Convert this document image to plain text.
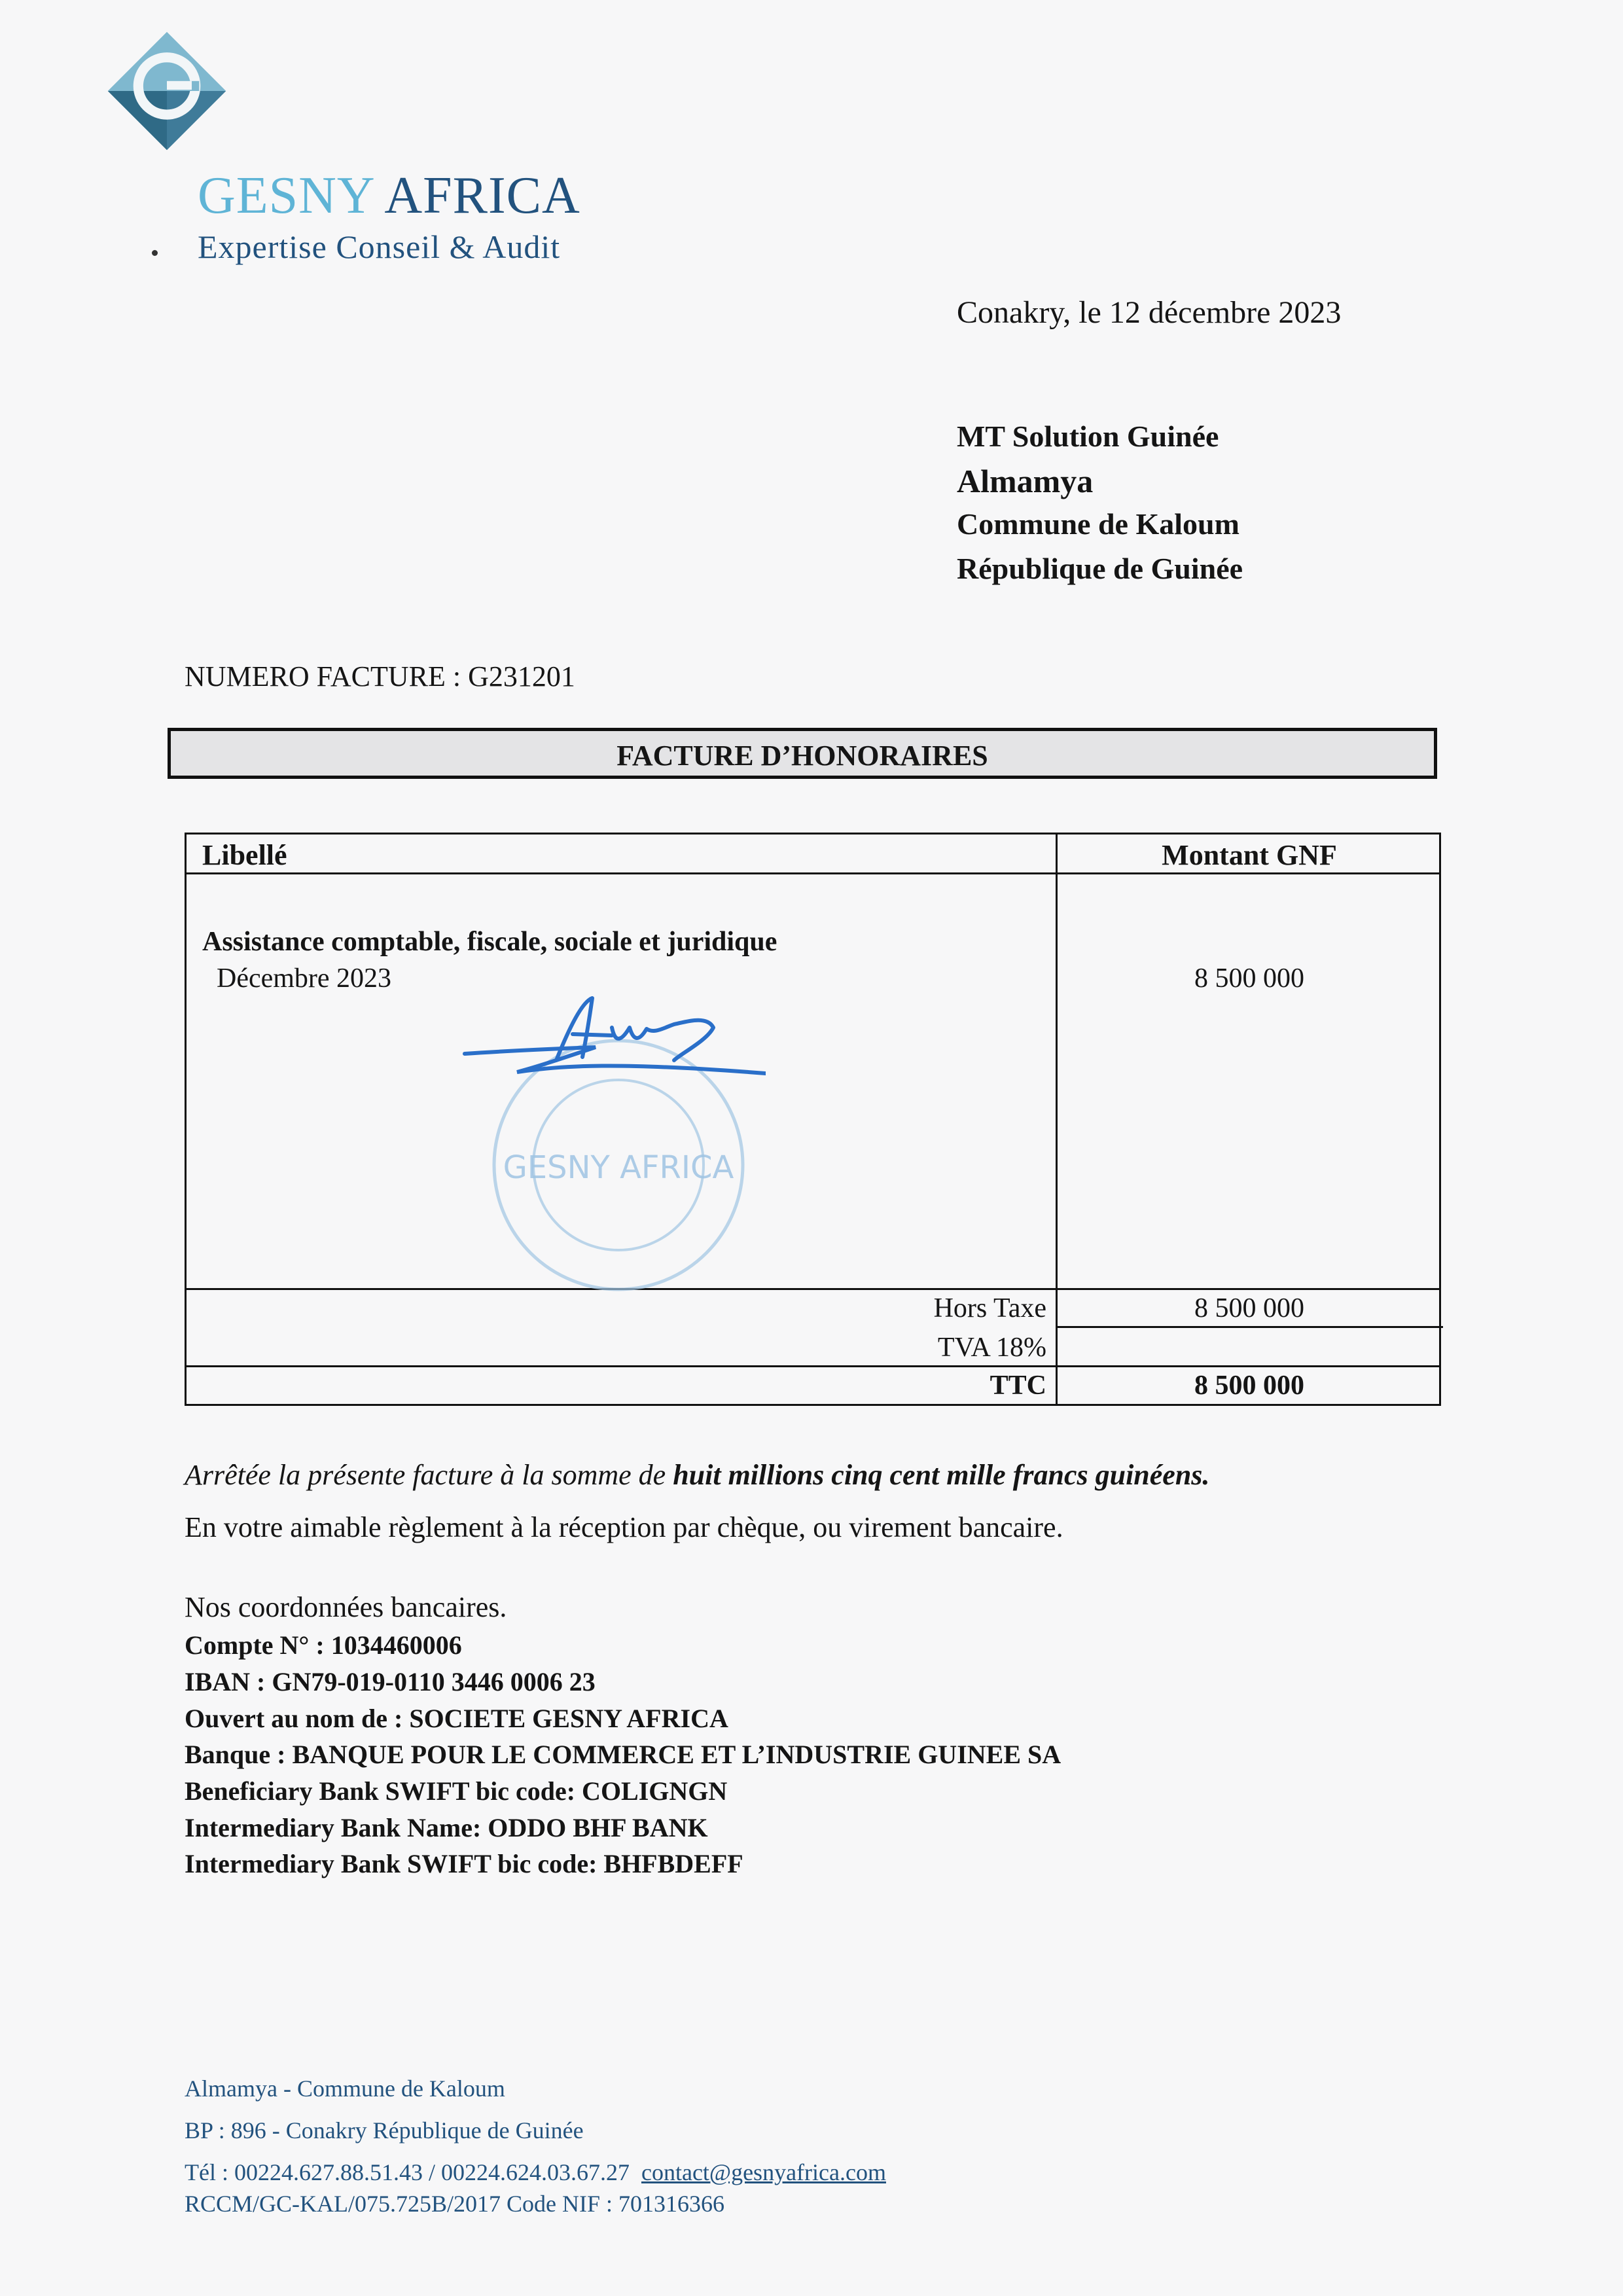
GESNY AFRICA
Expertise Conseil & Audit
Conakry, le 12 décembre 2023
MT Solution Guinée
Almamya
Commune de Kaloum
République de Guinée
NUMERO FACTURE : G231201
FACTURE D’HONORAIRES
Libellé	Montant GNF
Assistance comptable, fiscale, sociale et juridique
Décembre 2023	8 500 000
Hors Taxe	8 500 000
TVA 18%
TTC	8 500 000
GESNY AFRICA
Arrêtée la présente facture à la somme de huit millions cinq cent mille francs guinéens.
En votre aimable règlement à la réception par chèque, ou virement bancaire.
Nos coordonnées bancaires.
Compte N° : 1034460006
IBAN : GN79-019-0110 3446 0006 23
Ouvert au nom de : SOCIETE GESNY AFRICA
Banque : BANQUE POUR LE COMMERCE ET L’INDUSTRIE GUINEE SA
Beneficiary Bank SWIFT bic code: COLIGNGN
Intermediary Bank Name: ODDO BHF BANK
Intermediary Bank SWIFT bic code: BHFBDEFF
Almamya - Commune de Kaloum
BP : 896 - Conakry République de Guinée
Tél : 00224.627.88.51.43 / 00224.624.03.67.27 contact@gesnyafrica.com
RCCM/GC-KAL/075.725B/2017 Code NIF : 701316366
